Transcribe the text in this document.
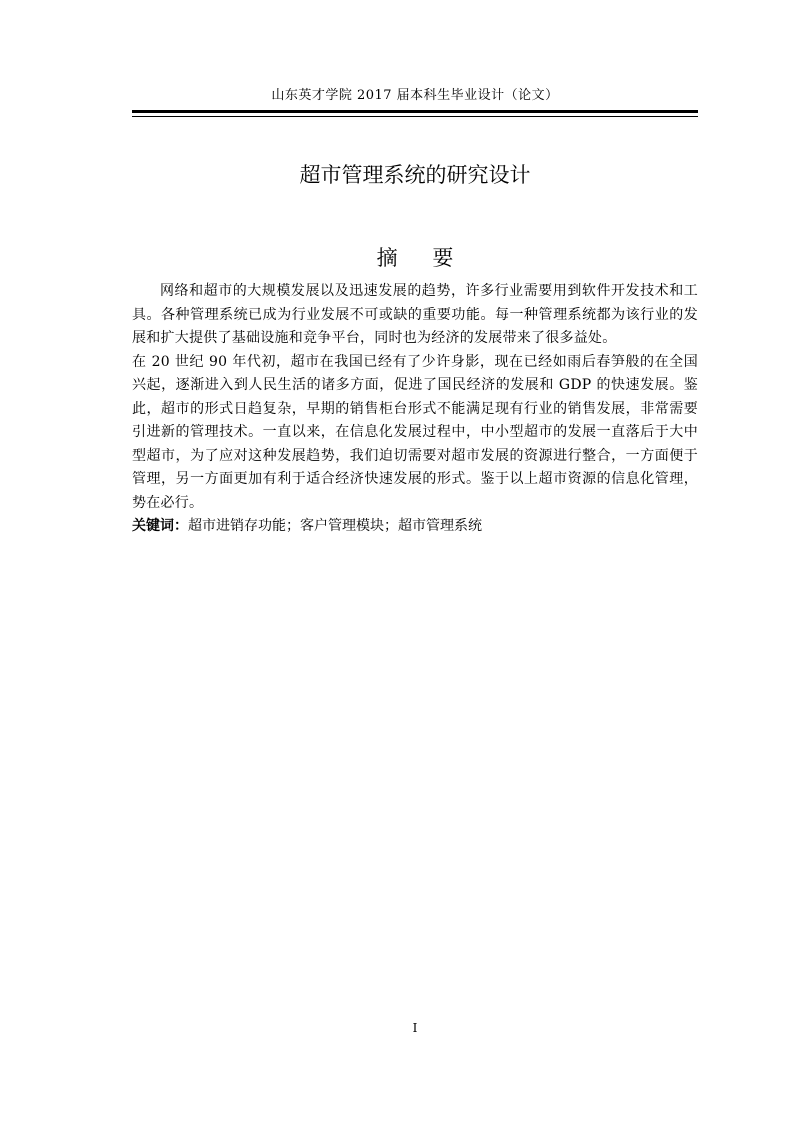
山东英才学院 2017 届本科生毕业设计（论文）
超市管理系统的研究设计
摘 要

网络和超市的大规模发展以及迅速发展的趋势，许多行业需要用到软件开发技术和工具。各种管理系统已成为行业发展不可或缺的重要功能。每一种管理系统都为该行业的发展和扩大提供了基础设施和竞争平台，同时也为经济的发展带来了很多益处。

在 20 世纪 90 年代初，超市在我国已经有了少许身影，现在已经如雨后春笋般的在全国兴起，逐渐进入到人民生活的诸多方面，促进了国民经济的发展和 GDP 的快速发展。鉴此，超市的形式日趋复杂，早期的销售柜台形式不能满足现有行业的销售发展，非常需要引进新的管理技术。一直以来，在信息化发展过程中，中小型超市的发展一直落后于大中型超市，为了应对这种发展趋势，我们迫切需要对超市发展的资源进行整合，一方面便于管理，另一方面更加有利于适合经济快速发展的形式。鉴于以上超市资源的信息化管理，势在必行。

关键词：超市进销存功能；客户管理模块；超市管理系统

I
